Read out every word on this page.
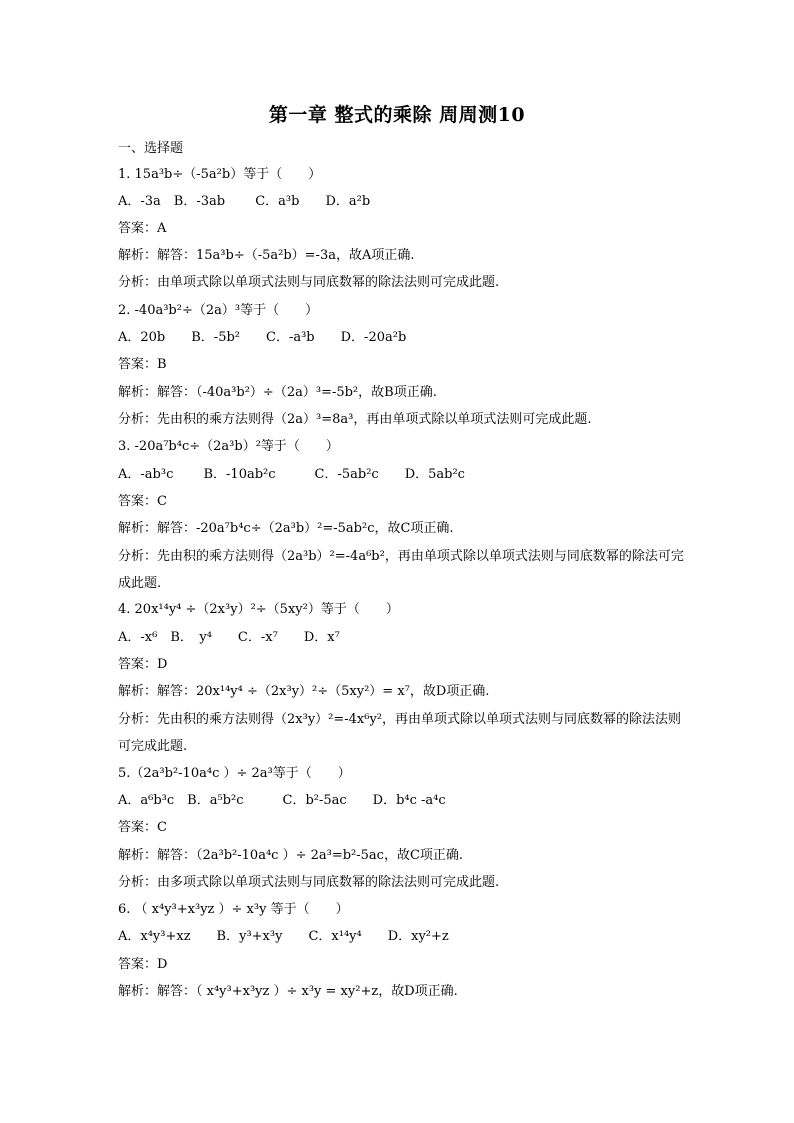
第一章 整式的乘除 周周测10
一、选择题
1. 15a³b÷（-5a²b）等于（　　）
A．-3a　B．-3ab　　 C．a³b　　D．a²b
答案：A
解析：解答：15a³b÷（-5a²b）=-3a，故A项正确.
分析：由单项式除以单项式法则与同底数幂的除法法则可完成此题.
2. -40a³b²÷（2a）³等于（　　）
A．20b　　B．-5b²　　C．-a³b　　D．-20a²b
答案：B
解析：解答：（-40a³b²）÷（2a）³=-5b²，故B项正确.
分析：先由积的乘方法则得（2a）³=8a³，再由单项式除以单项式法则可完成此题.
3. -20a⁷b⁴c÷（2a³b）²等于（　　）
A．-ab³c　　 B．-10ab²c　　　C．-5ab²c　　D．5ab²c
答案：C
解析：解答：-20a⁷b⁴c÷（2a³b）²=-5ab²c，故C项正确.
分析：先由积的乘方法则得（2a³b）²=-4a⁶b²，再由单项式除以单项式法则与同底数幂的除法可完成此题.
4. 20x¹⁴y⁴ ÷（2x³y）²÷（5xy²）等于（　　）
A．-x⁶　B．　y⁴　　C．-x⁷　　D．x⁷
答案：D
解析：解答：20x¹⁴y⁴ ÷（2x³y）²÷（5xy²）= x⁷，故D项正确.
分析：先由积的乘方法则得（2x³y）²=-4x⁶y²，再由单项式除以单项式法则与同底数幂的除法法则可完成此题.
5.（2a³b²-10a⁴c ）÷ 2a³等于（　　）
A．a⁶b³c　B．a⁵b²c　　　C．b²-5ac　　D．b⁴c -a⁴c
答案：C
解析：解答：（2a³b²-10a⁴c ）÷ 2a³=b²-5ac，故C项正确.
分析：由多项式除以单项式法则与同底数幂的除法法则可完成此题.
6. （ x⁴y³+x³yz ）÷ x³y 等于（　　）
A．x⁴y³+xz　　B．y³+x³y　　C．x¹⁴y⁴　　D．xy²+z
答案：D
解析：解答：（ x⁴y³+x³yz ）÷ x³y = xy²+z，故D项正确.
